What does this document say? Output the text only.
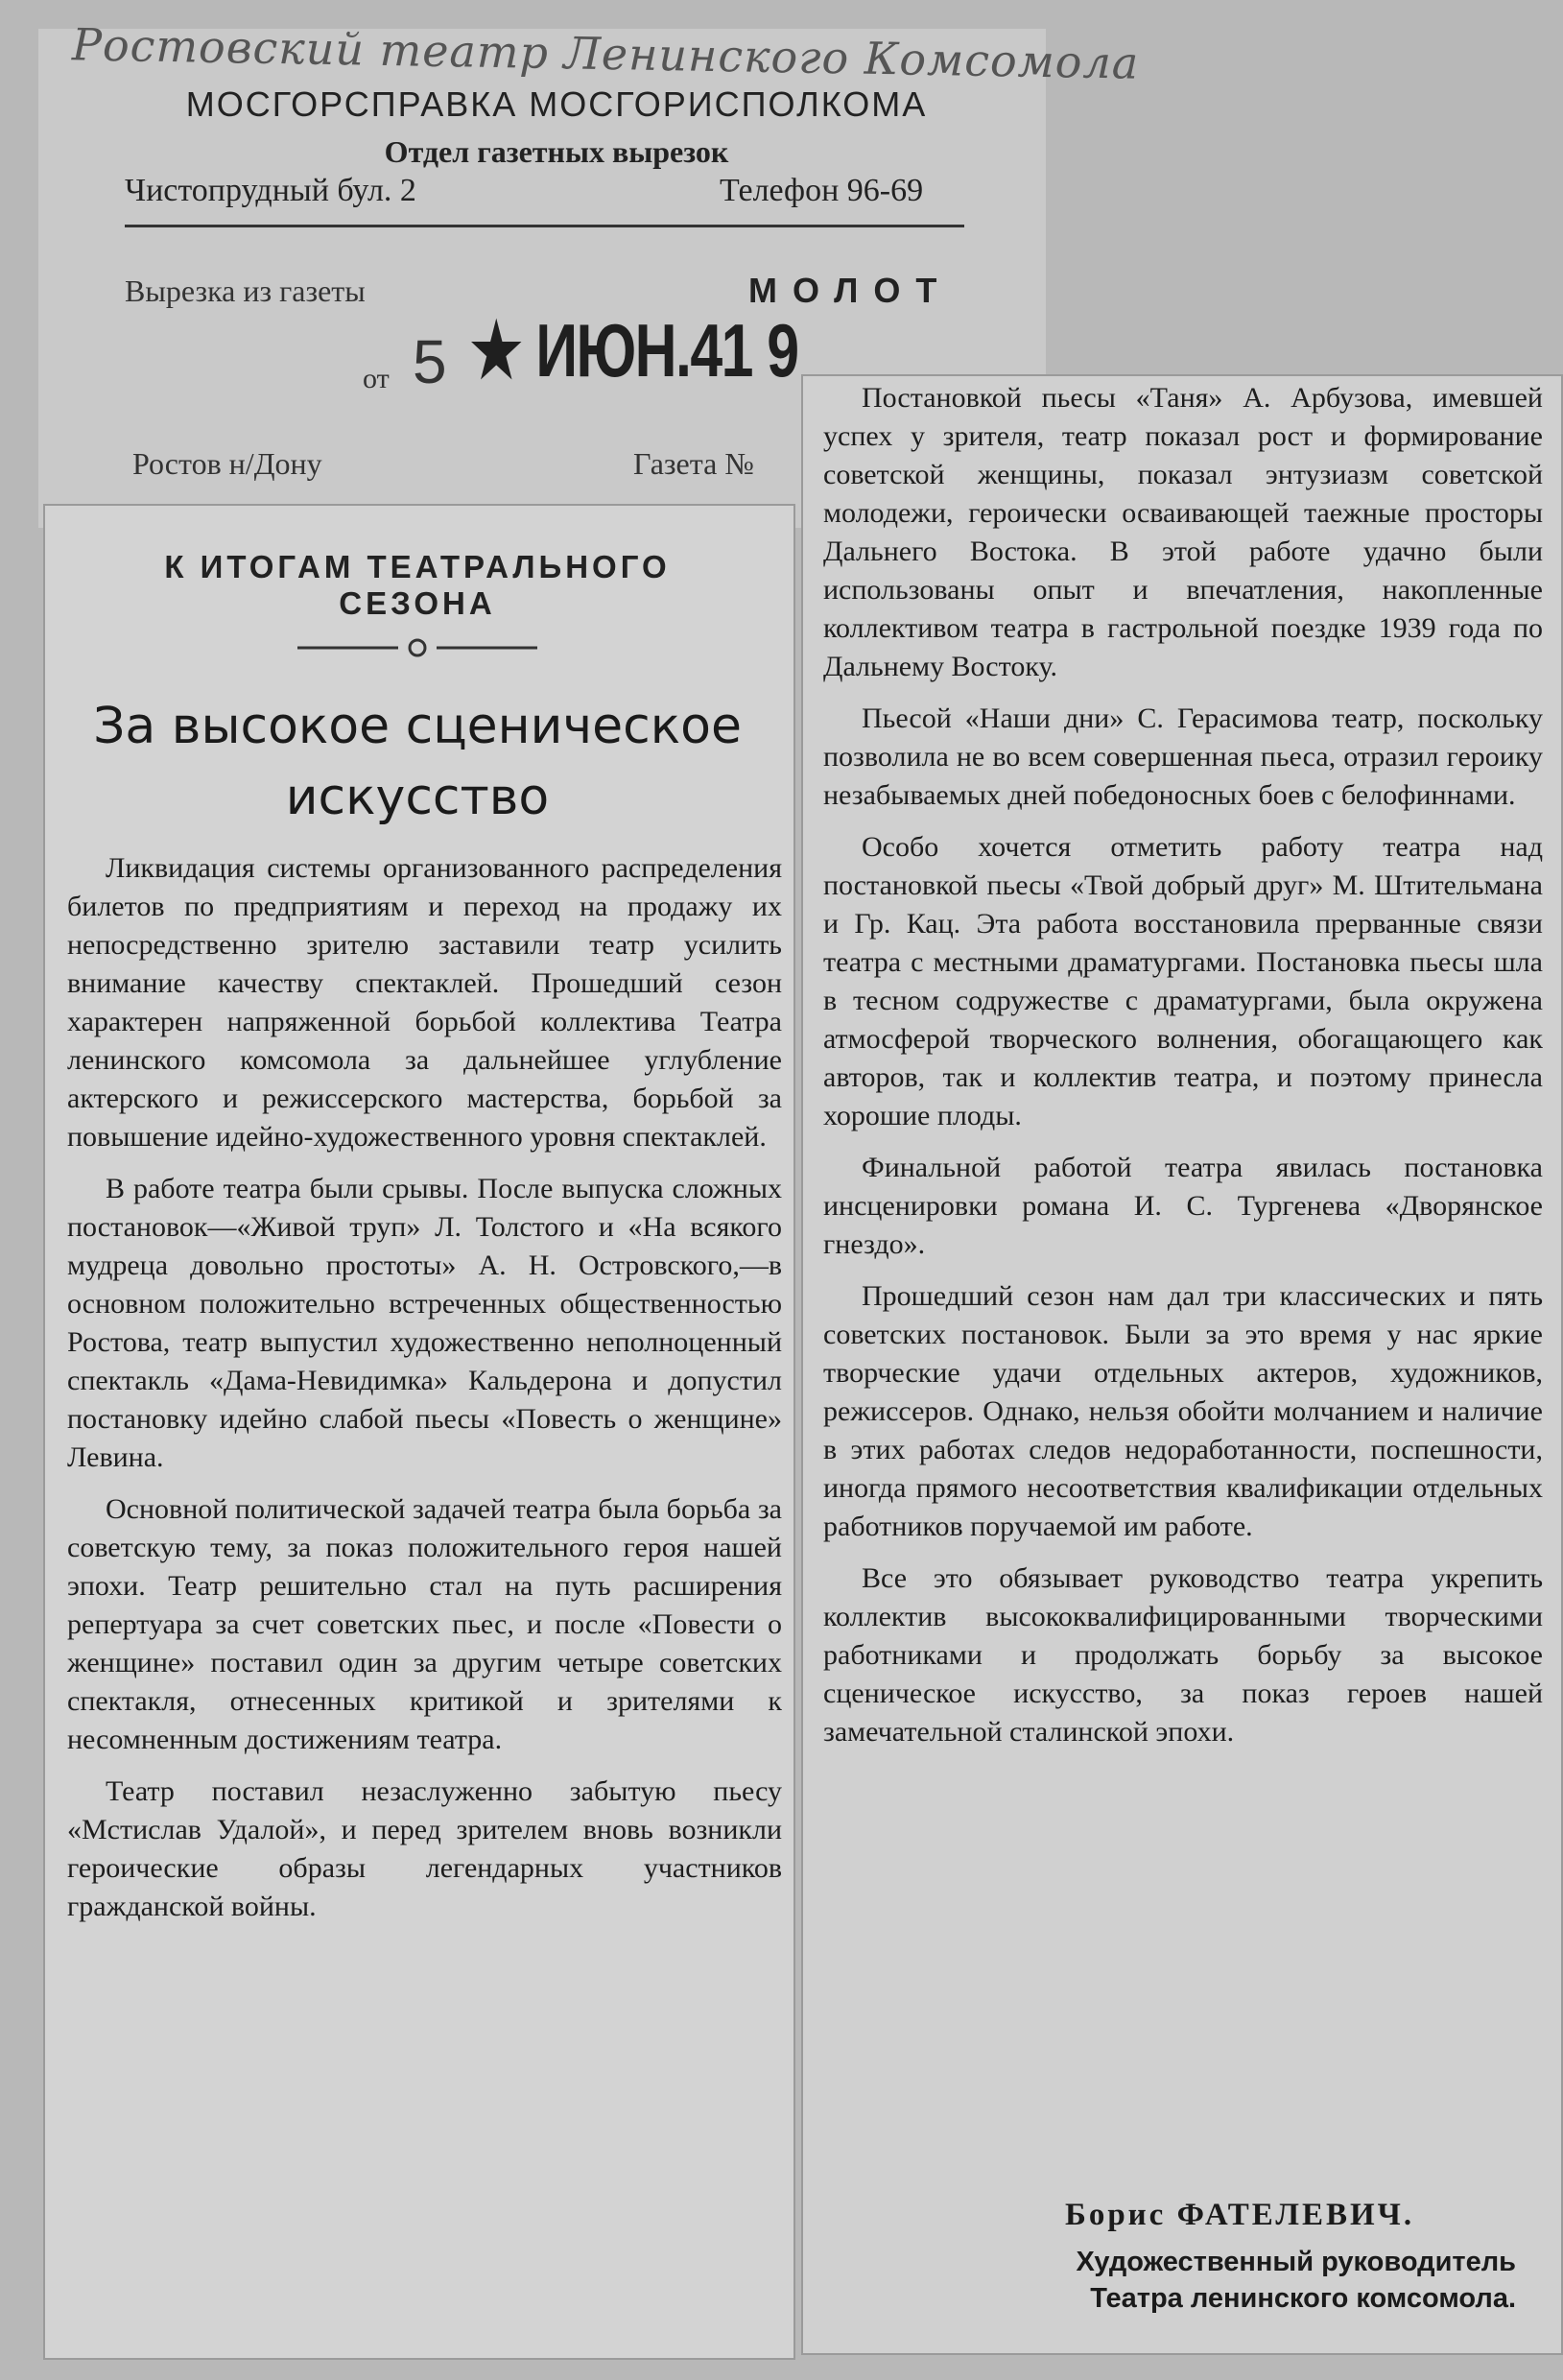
Ростовский театр Ленинского Комсомола
МОСГОРСПРАВКА МОСГОРИСПОЛКОМА
Отдел газетных вырезок
Чистопрудный бул. 2	Телефон 96-69
Вырезка из газеты	МОЛОТ
от 5 ★ ИЮН.41 9
Ростов н/Дону	Газета №
К ИТОГАМ ТЕАТРАЛЬНОГО СЕЗОНА
За высокое сценическое искусство

Ликвидация системы организованного распределения билетов по предприятиям и переход на продажу их непосредственно зрителю заставили театр усилить внимание качеству спектаклей. Прошедший сезон характерен напряженной борьбой коллектива Театра ленинского комсомола за дальнейшее углубление актерского и режиссерского мастерства, борьбой за повышение идейно-художественного уровня спектаклей.

В работе театра были срывы. После выпуска сложных постановок—«Живой труп» Л. Толстого и «На всякого мудреца довольно простоты» А. Н. Островского,—в основном положительно встреченных общественностью Ростова, театр выпустил художественно неполноценный спектакль «Дама-Невидимка» Кальдерона и допустил постановку идейно слабой пьесы «Повесть о женщине» Левина.

Основной политической задачей театра была борьба за советскую тему, за показ положительного героя нашей эпохи. Театр решительно стал на путь расширения репертуара за счет советских пьес, и после «Повести о женщине» поставил один за другим четыре советских спектакля, отнесенных критикой и зрителями к несомненным достижениям театра.

Театр поставил незаслуженно забытую пьесу «Мстислав Удалой», и перед зрителем вновь возникли героические образы легендарных участников гражданской войны.

Постановкой пьесы «Таня» А. Арбузова, имевшей успех у зрителя, театр показал рост и формирование советской женщины, показал энтузиазм советской молодежи, героически осваивающей таежные просторы Дальнего Востока. В этой работе удачно были использованы опыт и впечатления, накопленные коллективом театра в гастрольной поездке 1939 года по Дальнему Востоку.

Пьесой «Наши дни» С. Герасимова театр, поскольку позволила не во всем совершенная пьеса, отразил героику незабываемых дней победоносных боев с белофиннами.

Особо хочется отметить работу театра над постановкой пьесы «Твой добрый друг» М. Штительмана и Гр. Кац. Эта работа восстановила прерванные связи театра с местными драматургами. Постановка пьесы шла в тесном содружестве с драматургами, была окружена атмосферой творческого волнения, обогащающего как авторов, так и коллектив театра, и поэтому принесла хорошие плоды.

Финальной работой театра явилась постановка инсценировки романа И. С. Тургенева «Дворянское гнездо».

Прошедший сезон нам дал три классических и пять советских постановок. Были за это время у нас яркие творческие удачи отдельных актеров, художников, режиссеров. Однако, нельзя обойти молчанием и наличие в этих работах следов недоработанности, поспешности, иногда прямого несоответствия квалификации отдельных работников поручаемой им работе.

Все это обязывает руководство театра укрепить коллектив высококвалифицированными творческими работниками и продолжать борьбу за высокое сценическое искусство, за показ героев нашей замечательной сталинской эпохи.

Борис ФАТЕЛЕВИЧ.
Художественный руководитель
Театра ленинского комсомола.
